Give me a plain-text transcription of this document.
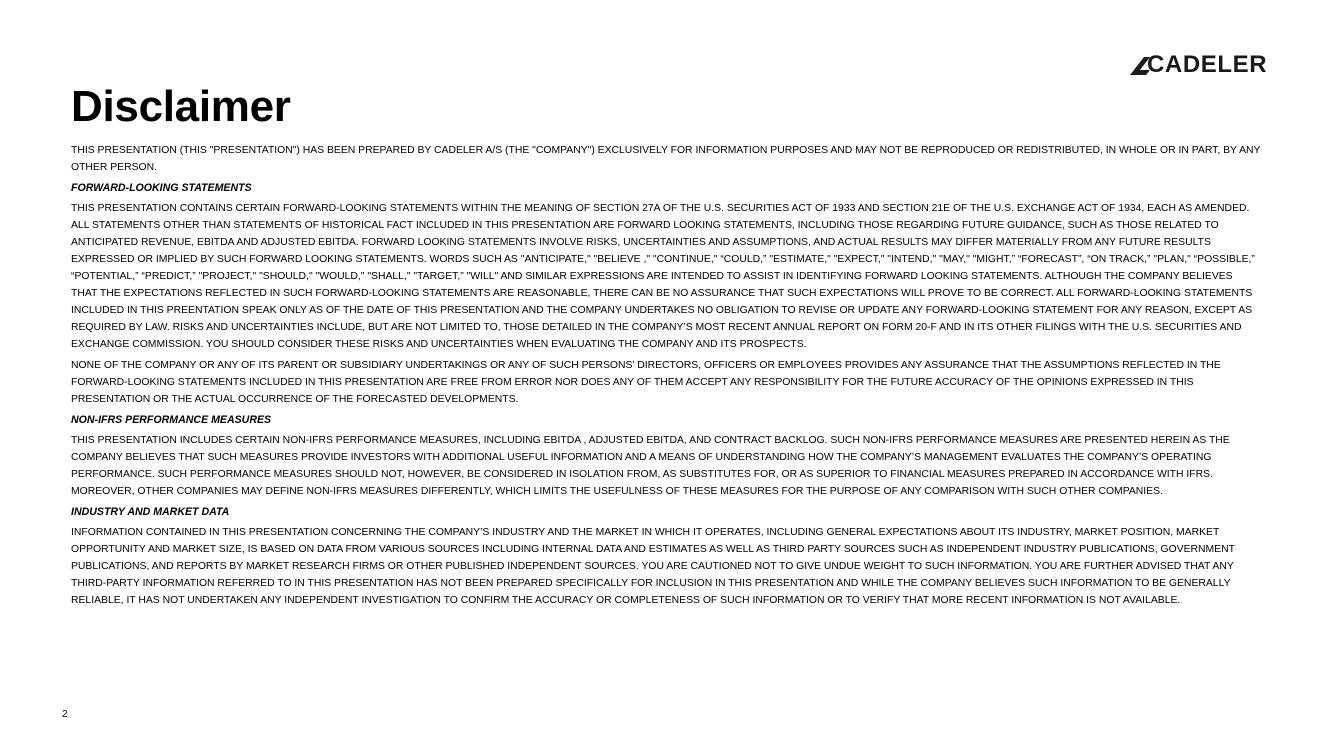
CADELER
Disclaimer

THIS PRESENTATION (THIS "PRESENTATION") HAS BEEN PREPARED BY CADELER A/S (THE "COMPANY") EXCLUSIVELY FOR INFORMATION PURPOSES AND MAY NOT BE REPRODUCED OR REDISTRIBUTED, IN WHOLE OR IN PART, BY ANY OTHER PERSON.

FORWARD-LOOKING STATEMENTS

THIS PRESENTATION CONTAINS CERTAIN FORWARD-LOOKING STATEMENTS WITHIN THE MEANING OF SECTION 27A OF THE U.S. SECURITIES ACT OF 1933 AND SECTION 21E OF THE U.S. EXCHANGE ACT OF 1934, EACH AS AMENDED. ALL STATEMENTS OTHER THAN STATEMENTS OF HISTORICAL FACT INCLUDED IN THIS PRESENTATION ARE FORWARD LOOKING STATEMENTS, INCLUDING THOSE REGARDING FUTURE GUIDANCE, SUCH AS THOSE RELATED TO ANTICIPATED REVENUE, EBITDA AND ADJUSTED EBITDA. FORWARD LOOKING STATEMENTS INVOLVE RISKS, UNCERTAINTIES AND ASSUMPTIONS, AND ACTUAL RESULTS MAY DIFFER MATERIALLY FROM ANY FUTURE RESULTS EXPRESSED OR IMPLIED BY SUCH FORWARD LOOKING STATEMENTS. WORDS SUCH AS "ANTICIPATE," "BELIEVE ," "CONTINUE," “COULD,” "ESTIMATE," "EXPECT," "INTEND," "MAY," "MIGHT,” “FORECAST”, “ON TRACK,” "PLAN," “POSSIBLE,” “POTENTIAL,” “PREDICT,” "PROJECT," "SHOULD," "WOULD," "SHALL," "TARGET,” "WILL" AND SIMILAR EXPRESSIONS ARE INTENDED TO ASSIST IN IDENTIFYING FORWARD LOOKING STATEMENTS. ALTHOUGH THE COMPANY BELIEVES THAT THE EXPECTATIONS REFLECTED IN SUCH FORWARD-LOOKING STATEMENTS ARE REASONABLE, THERE CAN BE NO ASSURANCE THAT SUCH EXPECTATIONS WILL PROVE TO BE CORRECT. ALL FORWARD-LOOKING STATEMENTS INCLUDED IN THIS PREENTATION SPEAK ONLY AS OF THE DATE OF THIS PRESENTATION AND THE COMPANY UNDERTAKES NO OBLIGATION TO REVISE OR UPDATE ANY FORWARD-LOOKING STATEMENT FOR ANY REASON, EXCEPT AS REQUIRED BY LAW. RISKS AND UNCERTAINTIES INCLUDE, BUT ARE NOT LIMITED TO, THOSE DETAILED IN THE COMPANY’S MOST RECENT ANNUAL REPORT ON FORM 20-F AND IN ITS OTHER FILINGS WITH THE U.S. SECURITIES AND EXCHANGE COMMISSION. YOU SHOULD CONSIDER THESE RISKS AND UNCERTAINTIES WHEN EVALUATING THE COMPANY AND ITS PROSPECTS.

NONE OF THE COMPANY OR ANY OF ITS PARENT OR SUBSIDIARY UNDERTAKINGS OR ANY OF SUCH PERSONS’ DIRECTORS, OFFICERS OR EMPLOYEES PROVIDES ANY ASSURANCE THAT THE ASSUMPTIONS REFLECTED IN THE FORWARD-LOOKING STATEMENTS INCLUDED IN THIS PRESENTATION ARE FREE FROM ERROR NOR DOES ANY OF THEM ACCEPT ANY RESPONSIBILITY FOR THE FUTURE ACCURACY OF THE OPINIONS EXPRESSED IN THIS PRESENTATION OR THE ACTUAL OCCURRENCE OF THE FORECASTED DEVELOPMENTS.

NON-IFRS PERFORMANCE MEASURES

THIS PRESENTATION INCLUDES CERTAIN NON-IFRS PERFORMANCE MEASURES, INCLUDING EBITDA , ADJUSTED EBITDA, AND CONTRACT BACKLOG. SUCH NON-IFRS PERFORMANCE MEASURES ARE PRESENTED HEREIN AS THE COMPANY BELIEVES THAT SUCH MEASURES PROVIDE INVESTORS WITH ADDITIONAL USEFUL INFORMATION AND A MEANS OF UNDERSTANDING HOW THE COMPANY’S MANAGEMENT EVALUATES THE COMPANY’S OPERATING PERFORMANCE. SUCH PERFORMANCE MEASURES SHOULD NOT, HOWEVER, BE CONSIDERED IN ISOLATION FROM, AS SUBSTITUTES FOR, OR AS SUPERIOR TO FINANCIAL MEASURES PREPARED IN ACCORDANCE WITH IFRS. MOREOVER, OTHER COMPANIES MAY DEFINE NON-IFRS MEASURES DIFFERENTLY, WHICH LIMITS THE USEFULNESS OF THESE MEASURES FOR THE PURPOSE OF ANY COMPARISON WITH SUCH OTHER COMPANIES.

INDUSTRY AND MARKET DATA

INFORMATION CONTAINED IN THIS PRESENTATION CONCERNING THE COMPANY’S INDUSTRY AND THE MARKET IN WHICH IT OPERATES, INCLUDING GENERAL EXPECTATIONS ABOUT ITS INDUSTRY, MARKET POSITION, MARKET OPPORTUNITY AND MARKET SIZE, IS BASED ON DATA FROM VARIOUS SOURCES INCLUDING INTERNAL DATA AND ESTIMATES AS WELL AS THIRD PARTY SOURCES SUCH AS INDEPENDENT INDUSTRY PUBLICATIONS, GOVERNMENT PUBLICATIONS, AND REPORTS BY MARKET RESEARCH FIRMS OR OTHER PUBLISHED INDEPENDENT SOURCES. YOU ARE CAUTIONED NOT TO GIVE UNDUE WEIGHT TO SUCH INFORMATION. YOU ARE FURTHER ADVISED THAT ANY THIRD-PARTY INFORMATION REFERRED TO IN THIS PRESENTATION HAS NOT BEEN PREPARED SPECIFICALLY FOR INCLUSION IN THIS PRESENTATION AND WHILE THE COMPANY BELIEVES SUCH INFORMATION TO BE GENERALLY RELIABLE, IT HAS NOT UNDERTAKEN ANY INDEPENDENT INVESTIGATION TO CONFIRM THE ACCURACY OR COMPLETENESS OF SUCH INFORMATION OR TO VERIFY THAT MORE RECENT INFORMATION IS NOT AVAILABLE.

2
